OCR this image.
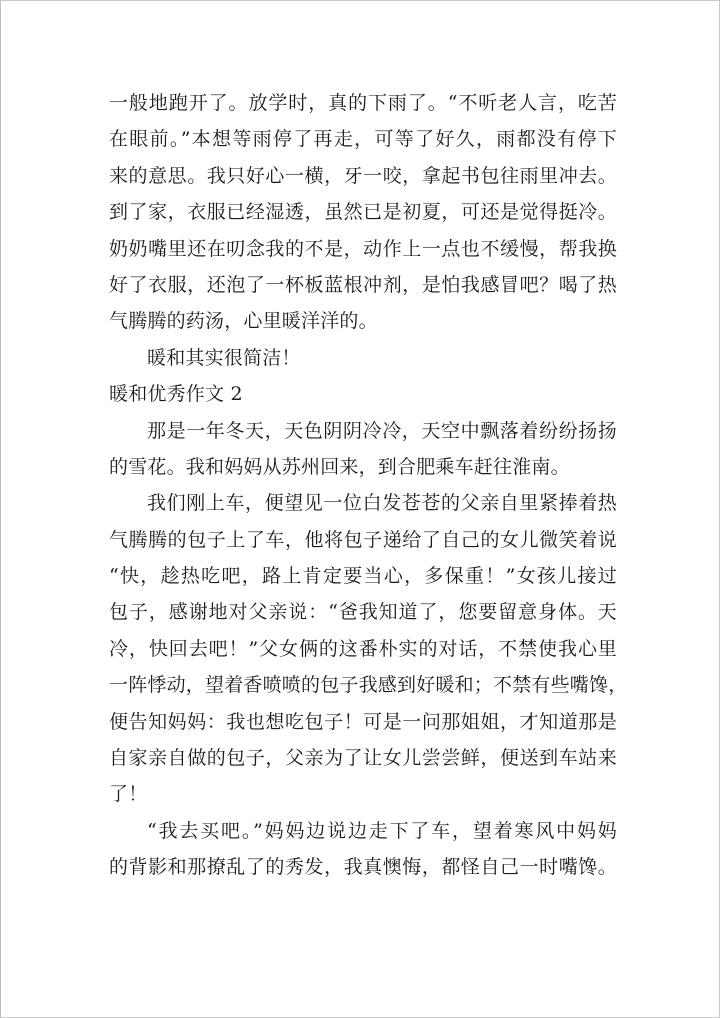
一般地跑开了。放学时，真的下雨了。“不听老人言，吃苦
在眼前。”本想等雨停了再走，可等了好久，雨都没有停下
来的意思。我只好心一横，牙一咬，拿起书包往雨里冲去。
到了家，衣服已经湿透，虽然已是初夏，可还是觉得挺冷。
奶奶嘴里还在叨念我的不是，动作上一点也不缓慢，帮我换
好了衣服，还泡了一杯板蓝根冲剂，是怕我感冒吧？喝了热
气腾腾的药汤，心里暖洋洋的。
暖和其实很简洁！
暖和优秀作文 2
那是一年冬天，天色阴阴冷冷，天空中飘落着纷纷扬扬
的雪花。我和妈妈从苏州回来，到合肥乘车赶往淮南。
我们刚上车，便望见一位白发苍苍的父亲自里紧捧着热
气腾腾的包子上了车，他将包子递给了自己的女儿微笑着说
“快，趁热吃吧，路上肯定要当心，多保重！”女孩儿接过
包子，感谢地对父亲说：“爸我知道了，您要留意身体。天
冷，快回去吧！”父女俩的这番朴实的对话，不禁使我心里
一阵悸动，望着香喷喷的包子我感到好暖和；不禁有些嘴馋，
便告知妈妈：我也想吃包子！可是一问那姐姐，才知道那是
自家亲自做的包子，父亲为了让女儿尝尝鲜，便送到车站来
了！
“我去买吧。”妈妈边说边走下了车，望着寒风中妈妈
的背影和那撩乱了的秀发，我真懊悔，都怪自己一时嘴馋。
